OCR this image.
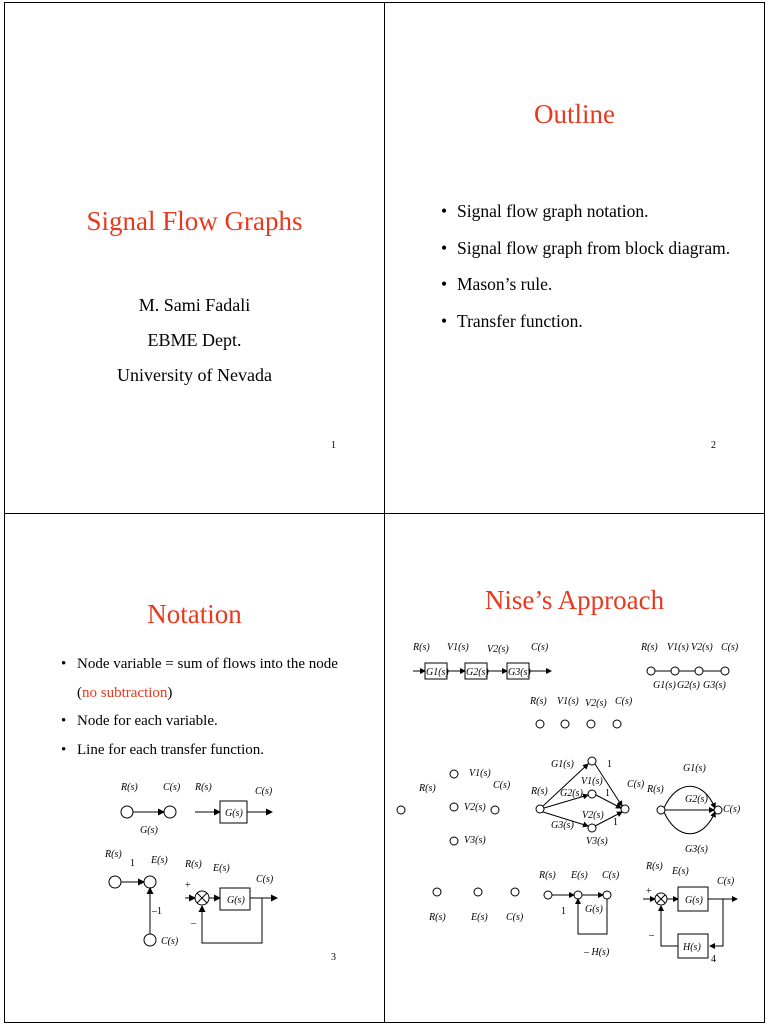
Signal Flow Graphs
M. Sami Fadali
EBME Dept.
University of Nevada
1
Outline
• Signal flow graph notation.
• Signal flow graph from block diagram.
• Mason’s rule.
• Transfer function.
2
Notation
• Node variable = sum of flows into the node
(no subtraction)
• Node for each variable.
• Line for each transfer function.
R(s)	C(s)
G(s)
R(s)	C(s)
G(s)
R(s)
1 E(s)
–1
C(s)
R(s) E(s)
C(s)
+
–
G(s)
3
Nise’s Approach
R(s) V1(s) V2(s) C(s)
G1(s) G2(s) G3(s)
R(s) V1(s) V2(s) C(s)
G1(s) G2(s) G3(s)
R(s) V1(s) V2(s) C(s)
V1(s)
V2(s)
V3(s)
R(s)	C(s)
R(s)
G1(s)
G2(s)
G3(s)
V1(s)
V2(s)
V3(s)
1
1
1
C(s) R(s)
G1(s)
G2(s)
G3(s)
C(s)
R(s)	E(s) C(s)
R(s) E(s) C(s)
1 G(s)
– H(s)
R(s) E(s)
C(s)
+
–
G(s)
H(s)
4
